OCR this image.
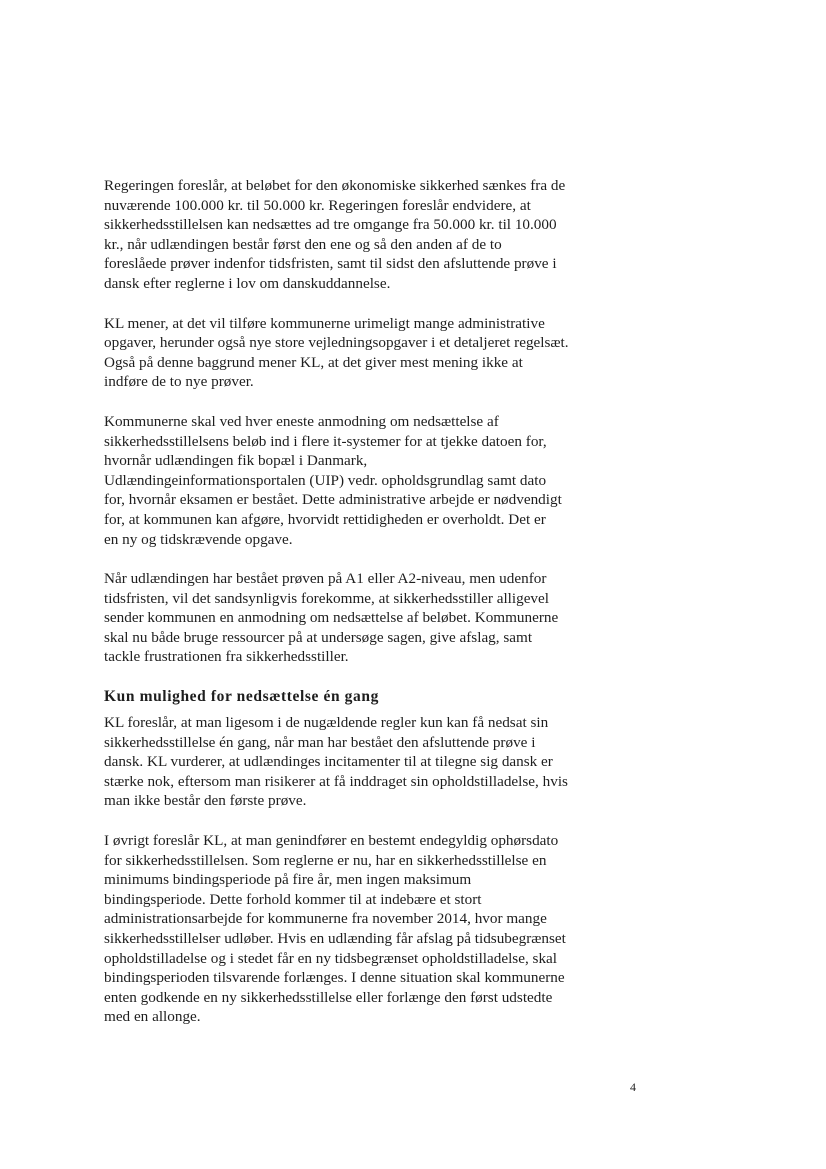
Regeringen foreslår, at beløbet for den økonomiske sikkerhed sænkes fra de
nuværende 100.000 kr. til 50.000 kr. Regeringen foreslår endvidere, at
sikkerhedsstillelsen kan nedsættes ad tre omgange fra 50.000 kr. til 10.000
kr., når udlændingen består først den ene og så den anden af de to
foreslåede prøver indenfor tidsfristen, samt til sidst den afsluttende prøve i
dansk efter reglerne i lov om danskuddannelse.

KL mener, at det vil tilføre kommunerne urimeligt mange administrative
opgaver, herunder også nye store vejledningsopgaver i et detaljeret regelsæt.
Også på denne baggrund mener KL, at det giver mest mening ikke at
indføre de to nye prøver.

Kommunerne skal ved hver eneste anmodning om nedsættelse af
sikkerhedsstillelsens beløb ind i flere it-systemer for at tjekke datoen for,
hvornår udlændingen fik bopæl i Danmark,
Udlændingeinformationsportalen (UIP) vedr. opholdsgrundlag samt dato
for, hvornår eksamen er bestået. Dette administrative arbejde er nødvendigt
for, at kommunen kan afgøre, hvorvidt rettidigheden er overholdt. Det er
en ny og tidskrævende opgave.

Når udlændingen har bestået prøven på A1 eller A2-niveau, men udenfor
tidsfristen, vil det sandsynligvis forekomme, at sikkerhedsstiller alligevel
sender kommunen en anmodning om nedsættelse af beløbet. Kommunerne
skal nu både bruge ressourcer på at undersøge sagen, give afslag, samt
tackle frustrationen fra sikkerhedsstiller.

Kun mulighed for nedsættelse én gang

KL foreslår, at man ligesom i de nugældende regler kun kan få nedsat sin
sikkerhedsstillelse én gang, når man har bestået den afsluttende prøve i
dansk. KL vurderer, at udlændinges incitamenter til at tilegne sig dansk er
stærke nok, eftersom man risikerer at få inddraget sin opholdstilladelse, hvis
man ikke består den første prøve.

I øvrigt foreslår KL, at man genindfører en bestemt endegyldig ophørsdato
for sikkerhedsstillelsen. Som reglerne er nu, har en sikkerhedsstillelse en
minimums bindingsperiode på fire år, men ingen maksimum
bindingsperiode. Dette forhold kommer til at indebære et stort
administrationsarbejde for kommunerne fra november 2014, hvor mange
sikkerhedsstillelser udløber. Hvis en udlænding får afslag på tidsubegrænset
opholdstilladelse og i stedet får en ny tidsbegrænset opholdstilladelse, skal
bindingsperioden tilsvarende forlænges. I denne situation skal kommunerne
enten godkende en ny sikkerhedsstillelse eller forlænge den først udstedte
med en allonge.

4
